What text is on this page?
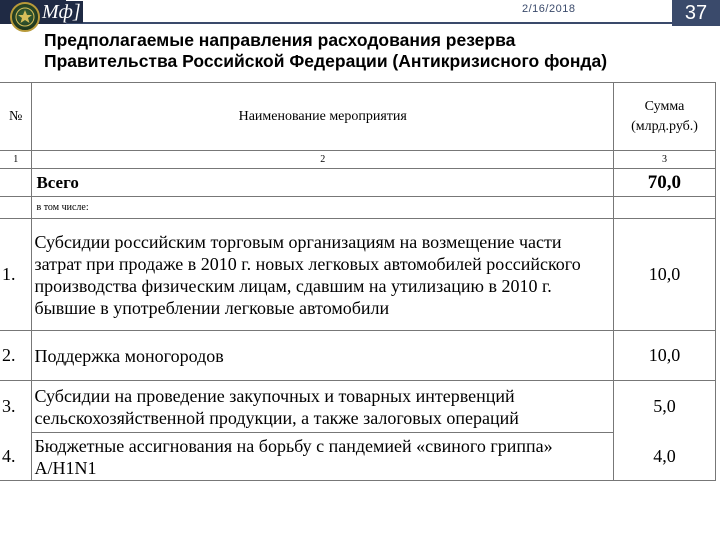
Мф]	2/16/2018	37
Предполагаемые направления расходования резерва
Правительства Российской Федерации (Антикризисного фонда)
№	Наименование мероприятия	Сумма (млрд.руб.)
1	2	3
	Всего	70,0
	в том числе:	
1.	Субсидии российским торговым организациям на возмещение части затрат при продаже в 2010 г. новых легковых автомобилей российского производства физическим лицам, сдавшим на утилизацию в 2010 г. бывшие в употреблении легковые автомобили	10,0
2.	Поддержка моногородов	10,0
3.	Субсидии на проведение закупочных и товарных интервенций сельскохозяйственной продукции, а также залоговых операций	5,0
4.	Бюджетные ассигнования на борьбу с пандемией «свиного гриппа» A/H1N1	4,0
